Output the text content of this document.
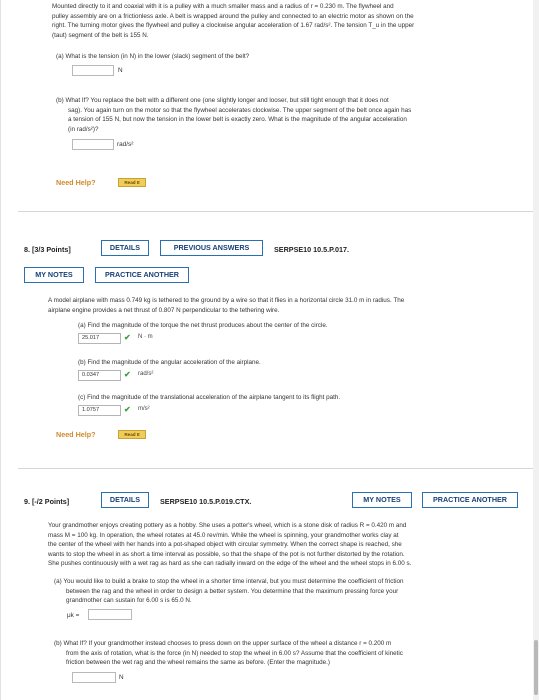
Mounted directly to it and coaxial with it is a pulley with a much smaller mass and a radius of r = 0.230 m. The flywheel and

pulley assembly are on a frictionless axle. A belt is wrapped around the pulley and connected to an electric motor as shown on the

right. The turning motor gives the flywheel and pulley a clockwise angular acceleration of 1.67 rad/s². The tension T_u in the upper

(taut) segment of the belt is 155 N.

(a) What is the tension (in N) in the lower (slack) segment of the belt?

N

(b) What If? You replace the belt with a different one (one slightly longer and looser, but still tight enough that it does not

sag). You again turn on the motor so that the flywheel accelerates clockwise. The upper segment of the belt once again has

a tension of 155 N, but now the tension in the lower belt is exactly zero. What is the magnitude of the angular acceleration

(in rad/s²)?

rad/s²
Need Help?	Read It
8. [3/3 Points]	DETAILS	PREVIOUS ANSWERS	SERPSE10 10.5.P.017.
MY NOTES	PRACTICE ANOTHER

A model airplane with mass 0.749 kg is tethered to the ground by a wire so that it flies in a horizontal circle 31.0 m in radius. The

airplane engine provides a net thrust of 0.807 N perpendicular to the tethering wire.

(a) Find the magnitude of the torque the net thrust produces about the center of the circle.

25.017	✔ N · m

(b) Find the magnitude of the angular acceleration of the airplane.

0.0347	✔ rad/s²

(c) Find the magnitude of the translational acceleration of the airplane tangent to its flight path.

1.0757	✔ m/s²
Need Help?	Read It
9. [-/2 Points]	DETAILS	SERPSE10 10.5.P.019.CTX.	MY NOTES	PRACTICE ANOTHER

Your grandmother enjoys creating pottery as a hobby. She uses a potter's wheel, which is a stone disk of radius R = 0.420 m and

mass M = 100 kg. In operation, the wheel rotates at 45.0 rev/min. While the wheel is spinning, your grandmother works clay at

the center of the wheel with her hands into a pot-shaped object with circular symmetry. When the correct shape is reached, she

wants to stop the wheel in as short a time interval as possible, so that the shape of the pot is not further distorted by the rotation.

She pushes continuously with a wet rag as hard as she can radially inward on the edge of the wheel and the wheel stops in 6.00 s.

(a) You would like to build a brake to stop the wheel in a shorter time interval, but you must determine the coefficient of friction

between the rag and the wheel in order to design a better system. You determine that the maximum pressing force your

grandmother can sustain for 6.00 s is 65.0 N.

μk =

(b) What If? If your grandmother instead chooses to press down on the upper surface of the wheel a distance r = 0.200 m

from the axis of rotation, what is the force (in N) needed to stop the wheel in 6.00 s? Assume that the coefficient of kinetic

friction between the wet rag and the wheel remains the same as before. (Enter the magnitude.)

N
